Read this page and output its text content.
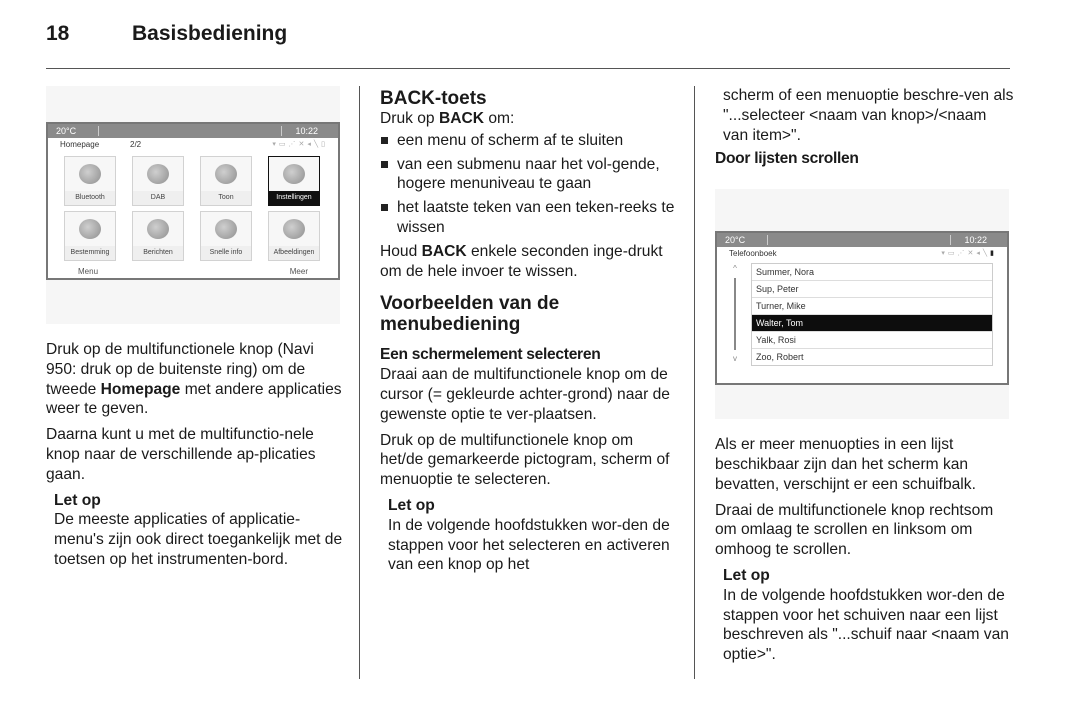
18	Basisbediening
20°C	10:22
Homepage	2/2	▾▭⋰✕◂╲▯
Bluetooth	DAB	Toon	Instellingen
Bestemming	Berichten	Snelle info	Afbeeldingen
Menu	Meer

Druk op de multifunctionele knop (Navi 950: druk op de buitenste ring) om de tweede Homepage met andere applicaties weer te geven.

Daarna kunt u met de multifunctio-nele knop naar de verschillende ap-plicaties gaan.

Let op
De meeste applicaties of applicatie-menu's zijn ook direct toegankelijk met de toetsen op het instrumenten-bord.
BACK-toets

Druk op BACK om:

een menu of scherm af te sluiten
van een submenu naar het vol-gende, hogere menuniveau te gaan
het laatste teken van een teken-reeks te wissen

Houd BACK enkele seconden inge-drukt om de hele invoer te wissen.

Voorbeelden van de menubediening
Een schermelement selecteren

Draai aan de multifunctionele knop om de cursor (= gekleurde achter-grond) naar de gewenste optie te ver-plaatsen.

Druk op de multifunctionele knop om het/de gemarkeerde pictogram, scherm of menuoptie te selecteren.

Let op
In de volgende hoofdstukken wor-den de stappen voor het selecteren en activeren van een knop op het
scherm of een menuoptie beschre-ven als "...selecteer <naam van knop>/<naam van item>".
Door lijsten scrollen
20°C	10:22
Telefoonboek	▾▭⋰✕◂╲▮
^
v
Summer, Nora
Sup, Peter
Turner, Mike
Walter, Tom
Yalk, Rosi
Zoo, Robert

Als er meer menuopties in een lijst beschikbaar zijn dan het scherm kan bevatten, verschijnt er een schuifbalk.

Draai de multifunctionele knop rechtsom om omlaag te scrollen en linksom om omhoog te scrollen.

Let op
In de volgende hoofdstukken wor-den de stappen voor het schuiven naar een lijst beschreven als "...schuif naar <naam van optie>".
